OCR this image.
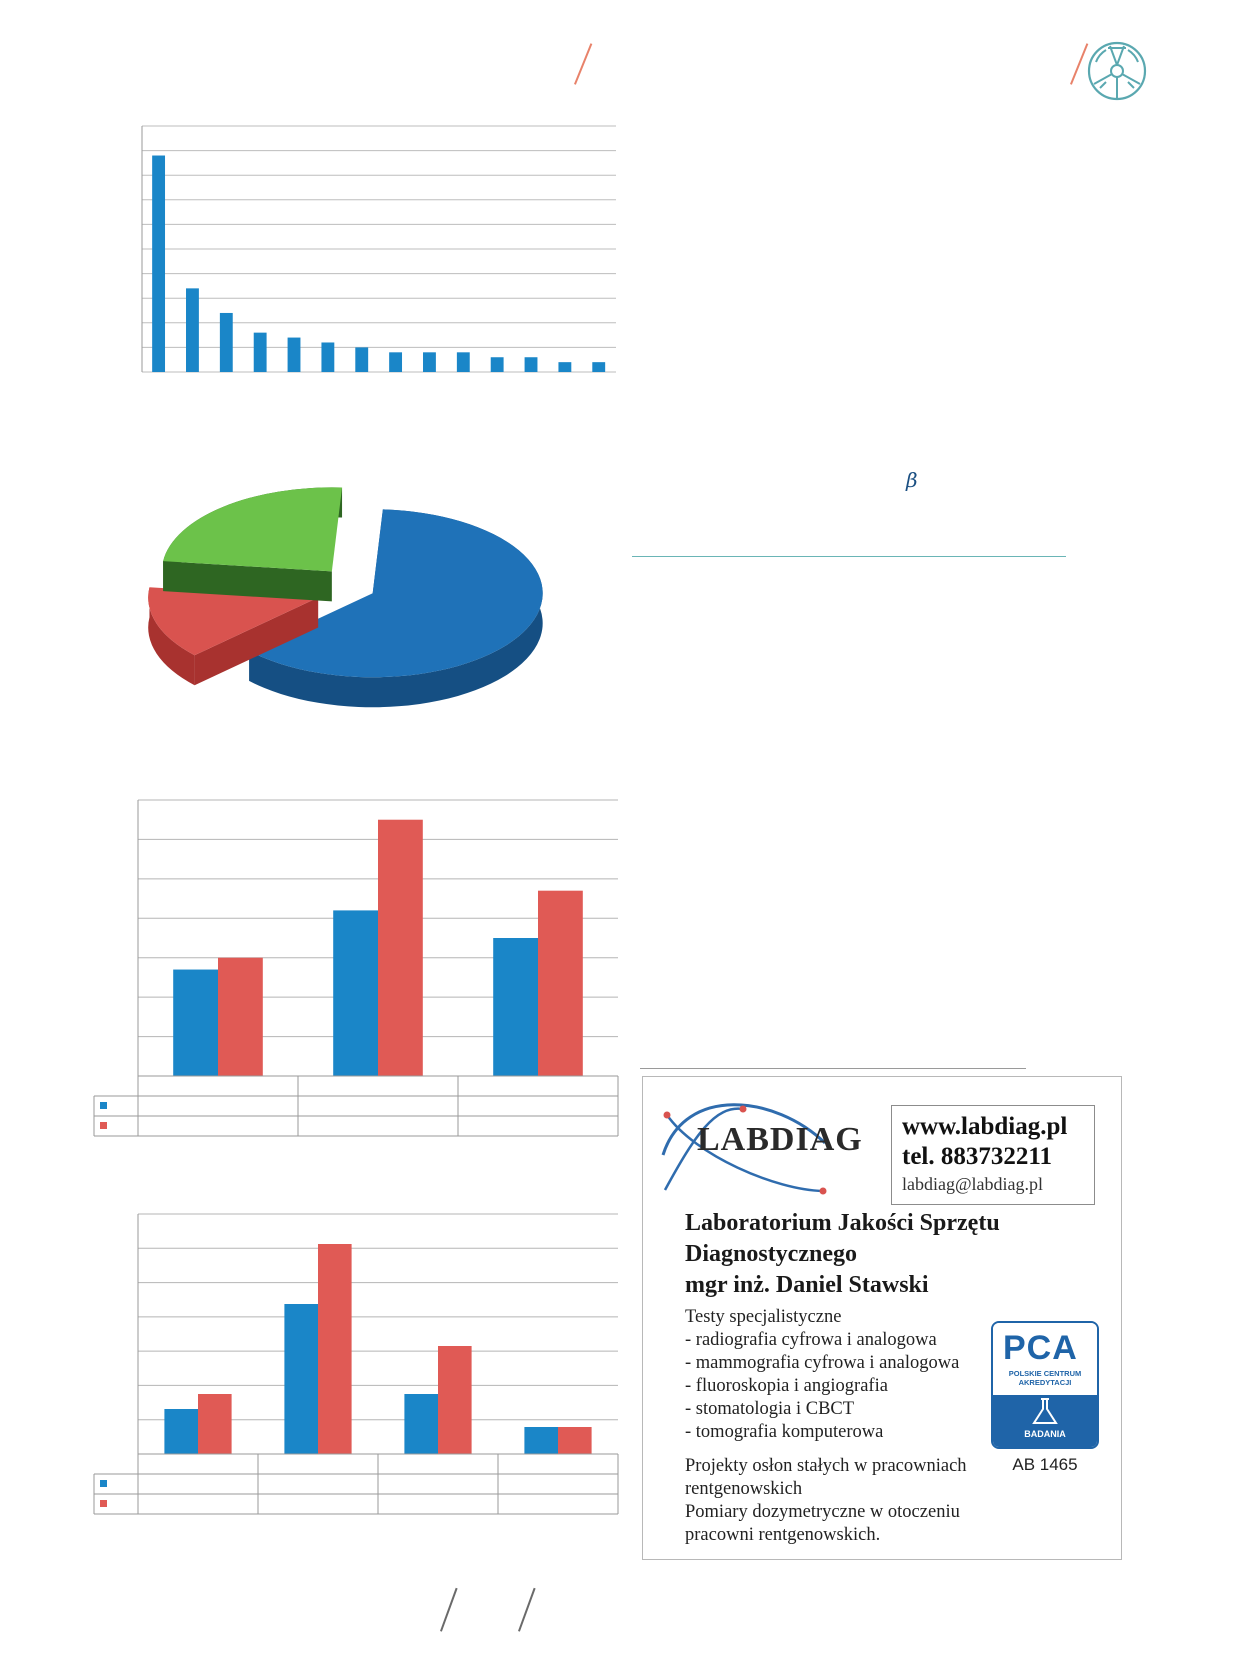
β
LABDIAG www.labdiag.pl
tel. 883732211
labdiag@labdiag.pl
Laboratorium Jakości Sprzętu
Diagnostycznego
mgr inż. Daniel Stawski
Testy specjalistyczne
- radiografia cyfrowa i analogowa
- mammografia cyfrowa i analogowa
- fluoroskopia i angiografia
- stomatologia i CBCT
- tomografia komputerowa
Projekty osłon stałych w pracowniach
rentgenowskich
Pomiary dozymetryczne w otoczeniu
pracowni rentgenowskich.
PCA
POLSKIE CENTRUM
AKREDYTACJI
BADANIA
AB 1465
